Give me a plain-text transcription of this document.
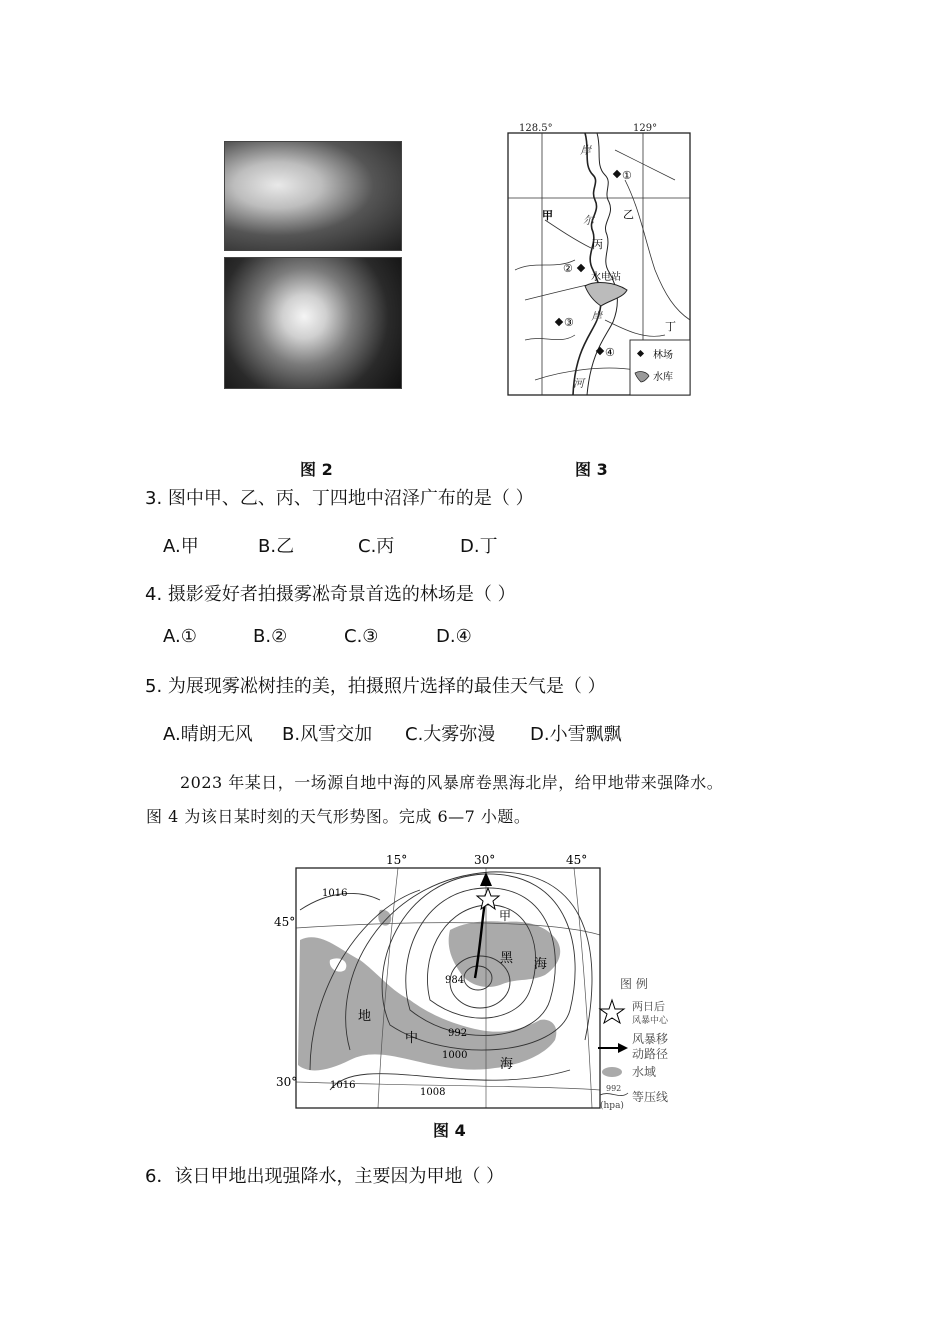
图 2
128.5°	129°
①
②
③
④
甲	乙
丙
丁
水电站
岸
尔
岸
河
林场
水库
图 3
3. 图中甲、乙、丙、丁四地中沼泽广布的是（ ）
A.甲	B.乙	C.丙	D.丁
4. 摄影爱好者拍摄雾凇奇景首选的林场是（ ）
A.①	B.②	C.③	D.④
5. 为展现雾凇树挂的美，拍摄照片选择的最佳天气是（ ）
A.晴朗无风 B.风雪交加 C.大雾弥漫 D.小雪飘飘
2023 年某日，一场源自地中海的风暴席卷黑海北岸，给甲地带来强降水。
图 4 为该日某时刻的天气形势图。完成 6—7 小题。
15°	30°	45°
45°
30°
甲
黑 海
地
中
海
1016
984
992
1000
1008
1016
图 例
两日后
风暴中心
风暴移
动路径
水域
992
(hpa)
等压线
图 4
6．该日甲地出现强降水，主要因为甲地（ ）
